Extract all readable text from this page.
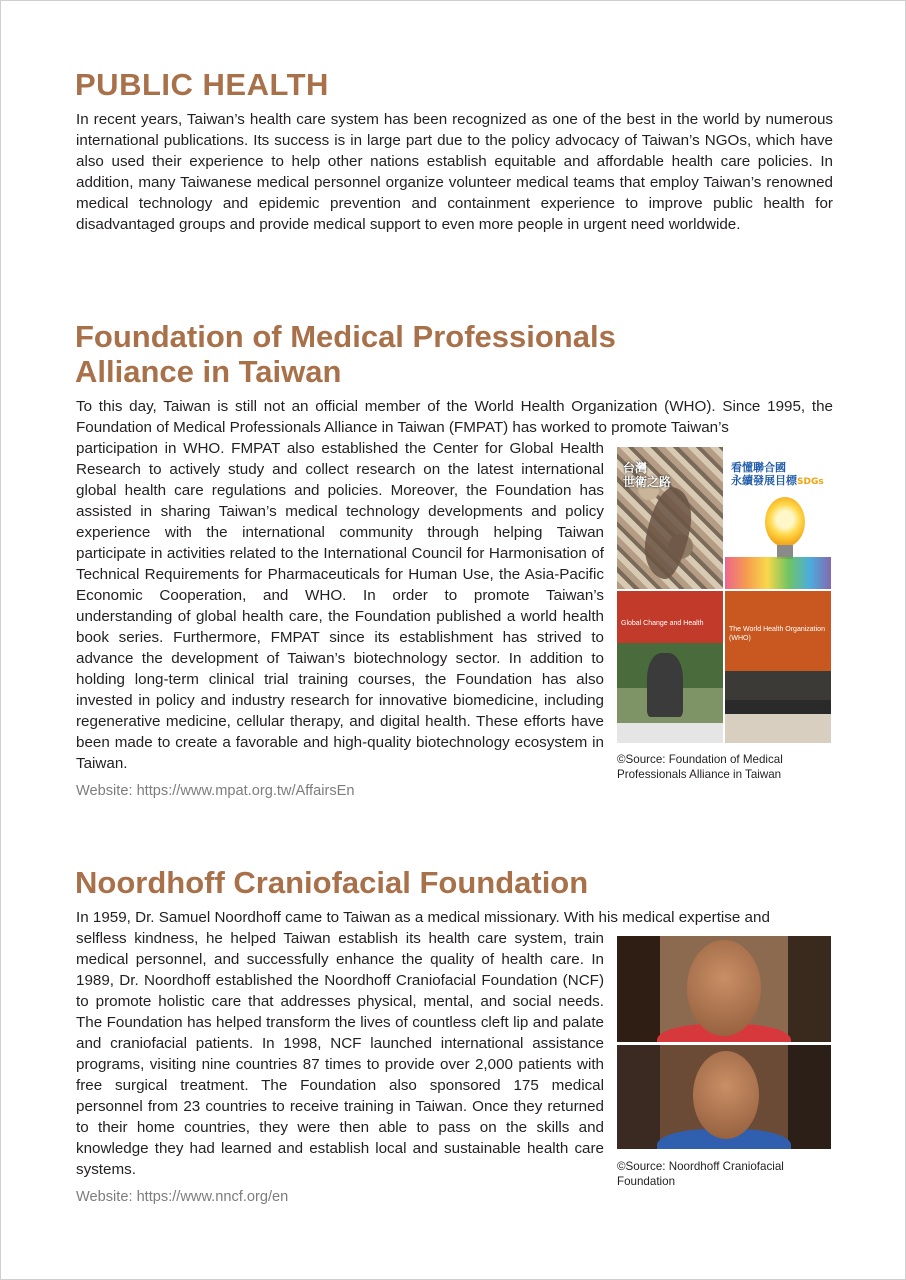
PUBLIC HEALTH

In recent years, Taiwan’s health care system has been recognized as one of the best in the world by numerous international publications. Its success is in large part due to the policy advocacy of Taiwan’s NGOs, which have also used their experience to help other nations establish equitable and affordable health care policies. In addition, many Taiwanese medical personnel organize volunteer medical teams that employ Taiwan’s renowned medical technology and epidemic prevention and containment experience to improve public health for disadvantaged groups and provide medical support to even more people in urgent need worldwide.

Foundation of Medical Professionals Alliance in Taiwan

To this day, Taiwan is still not an official member of the World Health Organization (WHO). Since 1995, the Foundation of Medical Professionals Alliance in Taiwan (FMPAT) has worked to promote Taiwan’s

participation in WHO. FMPAT also established the Center for Global Health Research to actively study and collect research on the latest international global health care regulations and policies. Moreover, the Foundation has assisted in sharing Taiwan’s medical technology developments and policy experience with the international community through helping Taiwan participate in activities related to the International Council for Harmonisation of Technical Requirements for Pharmaceuticals for Human Use, the Asia-Pacific Economic Cooperation, and WHO. In order to promote Taiwan’s understanding of global health care, the Foundation published a world health book series. Furthermore, FMPAT since its establishment has strived to advance the development of Taiwan’s biotechnology sector. In addition to holding long-term clinical trial training courses, the Foundation has also invested in policy and industry research for innovative biomedicine, including regenerative medicine, cellular therapy, and digital health. These efforts have been made to create a favorable and high-quality biotechnology ecosystem in Taiwan.

Website: https://www.mpat.org.tw/AffairsEn

台灣
世衛之路
看懂聯合國
永續發展目標SDGs
Global Change and Health
The World Health Organization (WHO)

©Source: Foundation of Medical Professionals Alliance in Taiwan

Noordhoff Craniofacial Foundation

In 1959, Dr. Samuel Noordhoff came to Taiwan as a medical missionary. With his medical expertise and

selfless kindness, he helped Taiwan establish its health care system, train medical personnel, and successfully enhance the quality of health care. In 1989, Dr. Noordhoff established the Noordhoff Craniofacial Foundation (NCF) to promote holistic care that addresses physical, mental, and social needs. The Foundation has helped transform the lives of countless cleft lip and palate and craniofacial patients. In 1998, NCF launched international assistance programs, visiting nine countries 87 times to provide over 2,000 patients with free surgical treatment. The Foundation also sponsored 175 medical personnel from 23 countries to receive training in Taiwan. Once they returned to their home countries, they were then able to pass on the skills and knowledge they had learned and establish local and sustainable health care systems.

Website: https://www.nncf.org/en

©Source: Noordhoff Craniofacial Foundation
